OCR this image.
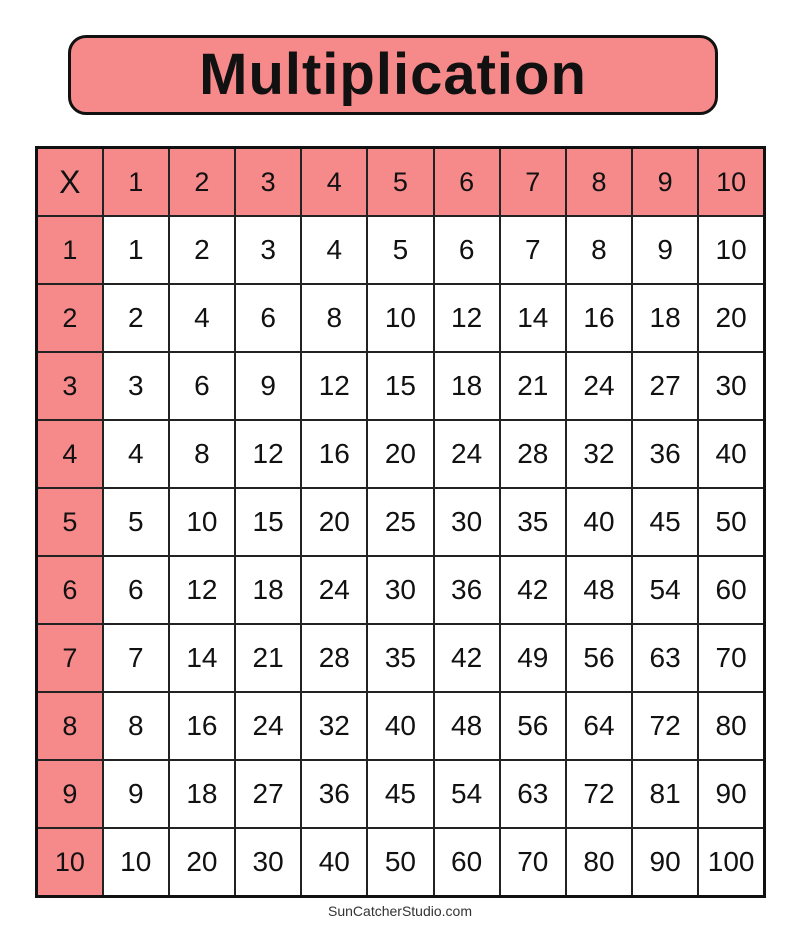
Multiplication
X	1	2	3	4	5	6	7	8	9	10
1	1	2	3	4	5	6	7	8	9	10
2	2	4	6	8	10	12	14	16	18	20
3	3	6	9	12	15	18	21	24	27	30
4	4	8	12	16	20	24	28	32	36	40
5	5	10	15	20	25	30	35	40	45	50
6	6	12	18	24	30	36	42	48	54	60
7	7	14	21	28	35	42	49	56	63	70
8	8	16	24	32	40	48	56	64	72	80
9	9	18	27	36	45	54	63	72	81	90
10	10	20	30	40	50	60	70	80	90	100
SunCatcherStudio.com
